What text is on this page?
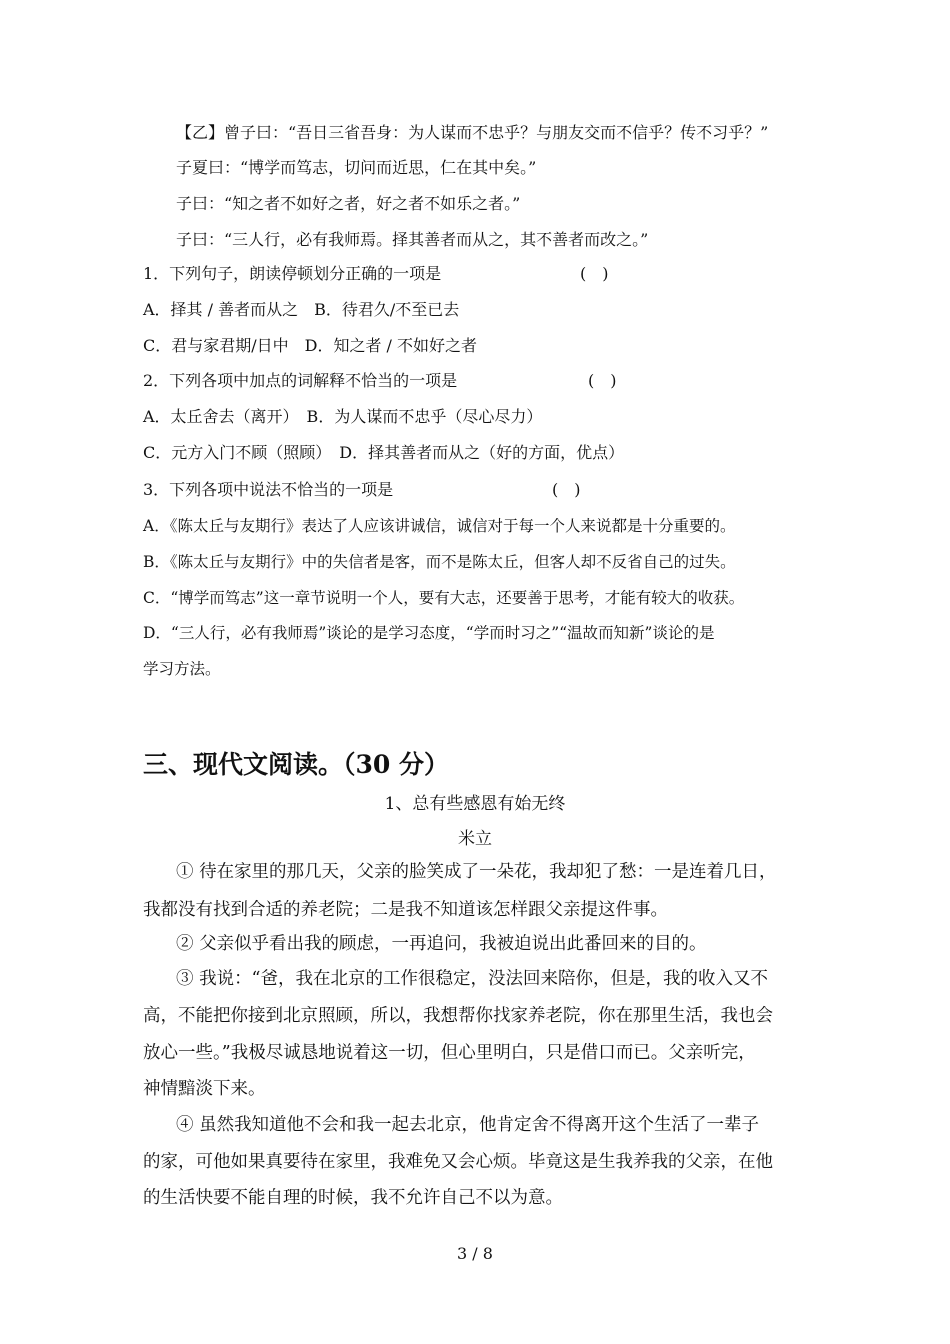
【乙】曾子曰：“吾日三省吾身：为人谋而不忠乎？与朋友交而不信乎？传不习乎？”
子夏曰：“博学而笃志，切问而近思，仁在其中矣。”
子曰：“知之者不如好之者，好之者不如乐之者。”
子曰：“三人行，必有我师焉。择其善者而从之，其不善者而改之。”
1．下列句子，朗读停顿划分正确的一项是	(　)
A．择其 / 善者而从之　B．待君久/不至已去
C．君与家君期/日中　D．知之者 / 不如好之者
2．下列各项中加点的词解释不恰当的一项是	(　)
A．太丘舍去（离开）　B．为人谋而不忠乎（尽心尽力）
C．元方入门不顾（照顾）　D．择其善者而从之（好的方面，优点）
3．下列各项中说法不恰当的一项是	(　)
A．《陈太丘与友期行》表达了人应该讲诚信，诚信对于每一个人来说都是十分重要的。
B．《陈太丘与友期行》中的失信者是客，而不是陈太丘，但客人却不反省自己的过失。
C．“博学而笃志”这一章节说明一个人，要有大志，还要善于思考，才能有较大的收获。
D．“三人行，必有我师焉”谈论的是学习态度，“学而时习之”“温故而知新”谈论的是
学习方法。
三、现代文阅读。（30 分）
1、总有些感恩有始无终
米立
① 待在家里的那几天，父亲的脸笑成了一朵花，我却犯了愁：一是连着几日，
我都没有找到合适的养老院；二是我不知道该怎样跟父亲提这件事。
② 父亲似乎看出我的顾虑，一再追问，我被迫说出此番回来的目的。
③ 我说：“爸，我在北京的工作很稳定，没法回来陪你，但是，我的收入又不
高，不能把你接到北京照顾，所以，我想帮你找家养老院，你在那里生活，我也会
放心一些。”我极尽诚恳地说着这一切，但心里明白，只是借口而已。父亲听完，
神情黯淡下来。
④ 虽然我知道他不会和我一起去北京，他肯定舍不得离开这个生活了一辈子
的家，可他如果真要待在家里，我难免又会心烦。毕竟这是生我养我的父亲，在他
的生活快要不能自理的时候，我不允许自己不以为意。
3 / 8
